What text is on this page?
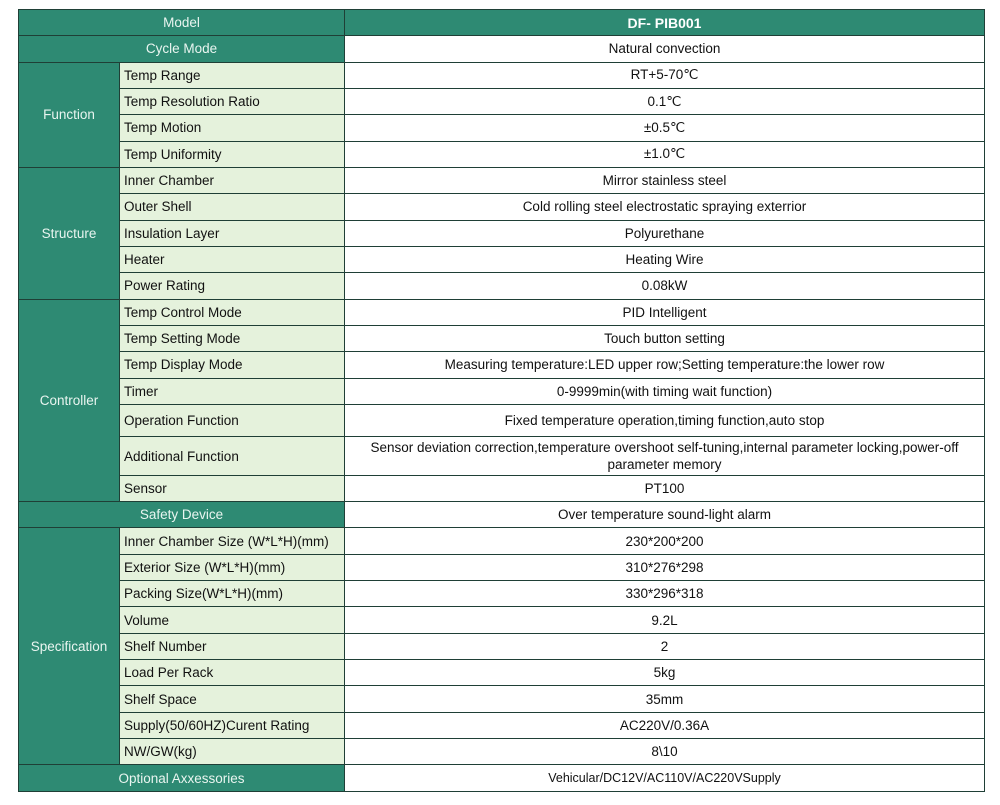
Model		DF- PIB001
Cycle Mode		Natural convection
Function	Temp Range	RT+5-70℃
	Temp Resolution Ratio	0.1℃
	Temp Motion	±0.5℃
	Temp Uniformity	±1.0℃
Structure	Inner Chamber	Mirror stainless steel
	Outer Shell	Cold rolling steel electrostatic spraying exterrior
	Insulation Layer	Polyurethane
	Heater	Heating Wire
	Power Rating	0.08kW
Controller	Temp Control Mode	PID Intelligent
	Temp Setting Mode	Touch button setting
	Temp Display Mode	Measuring temperature:LED upper row;Setting temperature:the lower row
	Timer	0-9999min(with timing wait function)
	Operation Function	Fixed temperature operation,timing function,auto stop
	Additional Function	Sensor deviation correction,temperature overshoot self-tuning,internal parameter locking,power-off parameter memory
	Sensor	PT100
Safety Device		Over temperature sound-light alarm
Specification	Inner Chamber Size (W*L*H)(mm)	230*200*200
	Exterior Size (W*L*H)(mm)	310*276*298
	Packing Size(W*L*H)(mm)	330*296*318
	Volume	9.2L
	Shelf Number	2
	Load Per Rack	5kg
	Shelf Space	35mm
	Supply(50/60HZ)Curent Rating	AC220V/0.36A
	NW/GW(kg)	8\10
Optional Axxessories		Vehicular/DC12V/AC110V/AC220VSupply
